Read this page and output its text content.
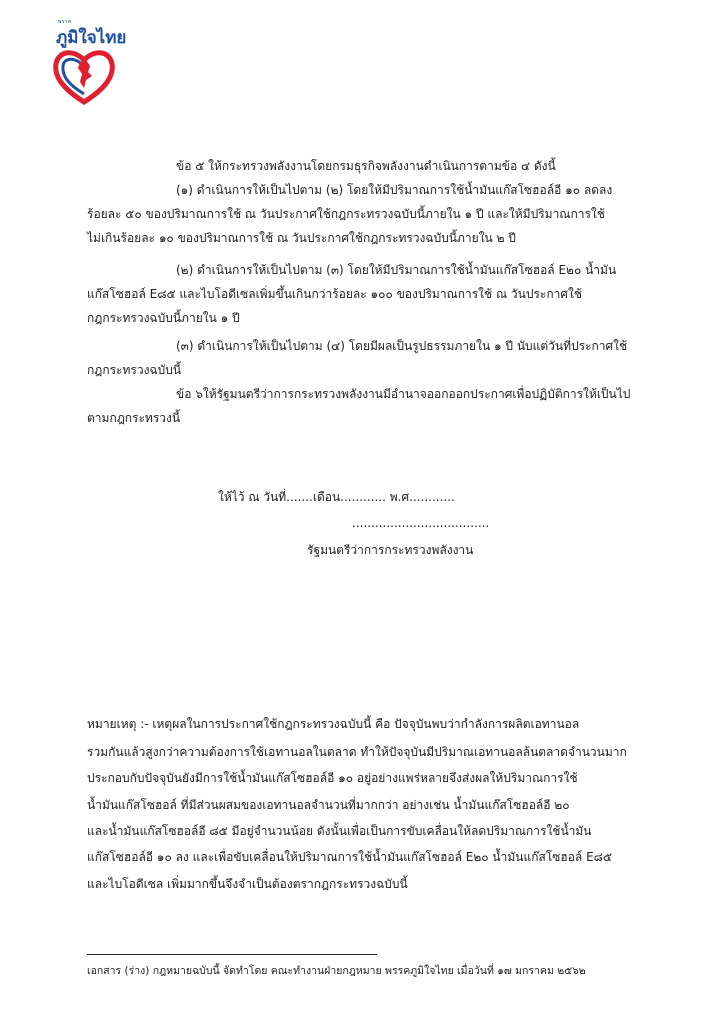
พรรค
ภูมิใจไทย
ข้อ ๕ ให้กระทรวงพลังงานโดยกรมธุรกิจพลังงานดำเนินการตามข้อ ๔ ดังนี้
(๑) ดำเนินการให้เป็นไปตาม (๒) โดยให้มีปริมาณการใช้น้ำมันแก๊สโซฮอล์อี ๑๐ ลดลง
ร้อยละ ๕๐ ของปริมาณการใช้ ณ วันประกาศใช้กฎกระทรวงฉบับนี้ภายใน ๑ ปี และให้มีปริมาณการใช้
ไม่เกินร้อยละ ๑๐ ของปริมาณการใช้ ณ วันประกาศใช้กฎกระทรวงฉบับนี้ภายใน ๒ ปี
(๒) ดำเนินการให้เป็นไปตาม (๓) โดยให้มีปริมาณการใช้น้ำมันแก๊สโซฮอล์ E๒๐ น้ำมัน
แก๊สโซฮอล์ E๘๕ และไบโอดีเซลเพิ่มขึ้นเกินกว่าร้อยละ ๑๐๐ ของปริมาณการใช้ ณ วันประกาศใช้
กฎกระทรวงฉบับนี้ภายใน ๑ ปี
(๓) ดำเนินการให้เป็นไปตาม (๔) โดยมีผลเป็นรูปธรรมภายใน ๑ ปี นับแต่วันที่ประกาศใช้
กฎกระทรวงฉบับนี้
ข้อ ๖ให้รัฐมนตรีว่าการกระทรวงพลังงานมีอำนาจออกออกประกาศเพื่อปฏิบัติการให้เป็นไป
ตามกฎกระทรวงนี้
ให้ไว้ ณ วันที่.......เดือน............ พ.ศ............
....................................
รัฐมนตรีว่าการกระทรวงพลังงาน
หมายเหตุ :- เหตุผลในการประกาศใช้กฎกระทรวงฉบับนี้ คือ ปัจจุบันพบว่ากำลังการผลิตเอทานอล
รวมกันแล้วสูงกว่าความต้องการใช้เอทานอลในตลาด ทำให้ปัจจุบันมีปริมาณเอทานอลล้นตลาดจำนวนมาก
ประกอบกับปัจจุบันยังมีการใช้น้ำมันแก๊สโซฮอล์อี ๑๐ อยู่อย่างแพร่หลายจึงส่งผลให้ปริมาณการใช้
น้ำมันแก๊สโซฮอล์ ที่มีส่วนผสมของเอทานอลจำนวนที่มากกว่า อย่างเช่น น้ำมันแก๊สโซฮอล์อี ๒๐
และน้ำมันแก๊สโซฮอล์อี ๘๕ มีอยู่จำนวนน้อย ดังนั้นเพื่อเป็นการขับเคลื่อนให้ลดปริมาณการใช้น้ำมัน
แก๊สโซฮอล์อี ๑๐ ลง และเพื่อขับเคลื่อนให้ปริมาณการใช้น้ำมันแก๊สโซฮอล์ E๒๐ น้ำมันแก๊สโซฮอล์ E๘๕
และไบโอดีเซล เพิ่มมากขึ้นจึงจำเป็นต้องตรากฎกระทรวงฉบับนี้
เอกสาร (ร่าง) กฎหมายฉบับนี้ จัดทำโดย คณะทำงานฝ่ายกฎหมาย พรรคภูมิใจไทย เมื่อวันที่ ๑๗ มกราคม ๒๕๖๒
